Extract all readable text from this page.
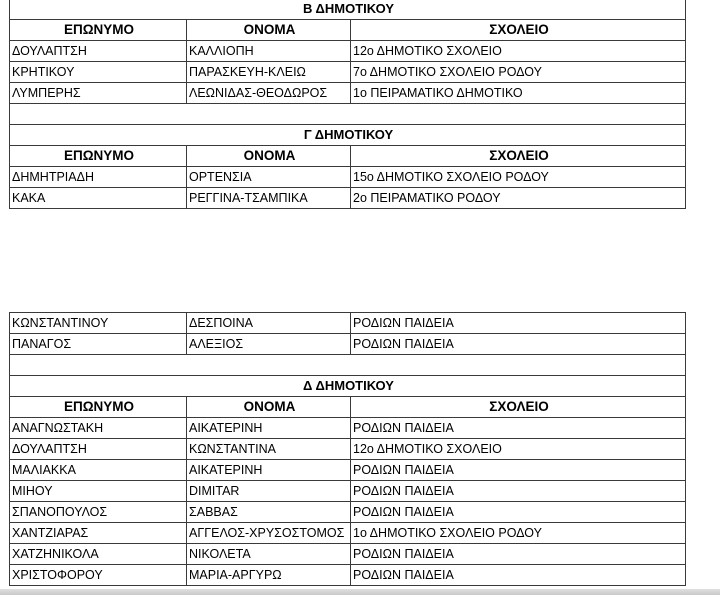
Β ΔΗΜΟΤΙΚΟΥ		
ΕΠΩΝΥΜΟ	ΟΝΟΜΑ	ΣΧΟΛΕΙΟ
ΔΟΥΛΑΠΤΣΗ	ΚΑΛΛΙΟΠΗ	12ο ΔΗΜΟΤΙΚΟ ΣΧΟΛΕΙΟ
ΚΡΗΤΙΚΟΥ	ΠΑΡΑΣΚΕΥΗ-ΚΛΕΙΩ	7ο ΔΗΜΟΤΙΚΟ ΣΧΟΛΕΙΟ ΡΟΔΟΥ
ΛΥΜΠΕΡΗΣ	ΛΕΩΝΙΔΑΣ-ΘΕΟΔΩΡΟΣ	1ο ΠΕΙΡΑΜΑΤΙΚΟ ΔΗΜΟΤΙΚΟ

Γ ΔΗΜΟΤΙΚΟΥ		
ΕΠΩΝΥΜΟ	ΟΝΟΜΑ	ΣΧΟΛΕΙΟ
ΔΗΜΗΤΡΙΑΔΗ	ΟΡΤΕΝΣΙΑ	15ο ΔΗΜΟΤΙΚΟ ΣΧΟΛΕΙΟ ΡΟΔΟΥ
ΚΑΚΑ	ΡΕΓΓΙΝΑ-ΤΣΑΜΠΙΚΑ	2ο ΠΕΙΡΑΜΑΤΙΚΟ ΡΟΔΟΥ
ΚΩΝΣΤΑΝΤΙΝΟΥ	ΔΕΣΠΟΙΝΑ	ΡΟΔΙΩΝ ΠΑΙΔΕΙΑ
ΠΑΝΑΓΟΣ	ΑΛΕΞΙΟΣ	ΡΟΔΙΩΝ ΠΑΙΔΕΙΑ

Δ ΔΗΜΟΤΙΚΟΥ		
ΕΠΩΝΥΜΟ	ΟΝΟΜΑ	ΣΧΟΛΕΙΟ
ΑΝΑΓΝΩΣΤΑΚΗ	ΑΙΚΑΤΕΡΙΝΗ	ΡΟΔΙΩΝ ΠΑΙΔΕΙΑ
ΔΟΥΛΑΠΤΣΗ	ΚΩΝΣΤΑΝΤΙΝΑ	12ο ΔΗΜΟΤΙΚΟ ΣΧΟΛΕΙΟ
ΜΑΛΙΑΚΚΑ	ΑΙΚΑΤΕΡΙΝΗ	ΡΟΔΙΩΝ ΠΑΙΔΕΙΑ
ΜΙΗΟΥ	DIMITAR	ΡΟΔΙΩΝ ΠΑΙΔΕΙΑ
ΣΠΑΝΟΠΟΥΛΟΣ	ΣΑΒΒΑΣ	ΡΟΔΙΩΝ ΠΑΙΔΕΙΑ
ΧΑΝΤΖΙΑΡΑΣ	ΑΓΓΕΛΟΣ-ΧΡΥΣΟΣΤΟΜΟΣ	1ο ΔΗΜΟΤΙΚΟ ΣΧΟΛΕΙΟ ΡΟΔΟΥ
ΧΑΤΖΗΝΙΚΟΛΑ	ΝΙΚΟΛΕΤΑ	ΡΟΔΙΩΝ ΠΑΙΔΕΙΑ
ΧΡΙΣΤΟΦΟΡΟΥ	ΜΑΡΙΑ-ΑΡΓΥΡΩ	ΡΟΔΙΩΝ ΠΑΙΔΕΙΑ
